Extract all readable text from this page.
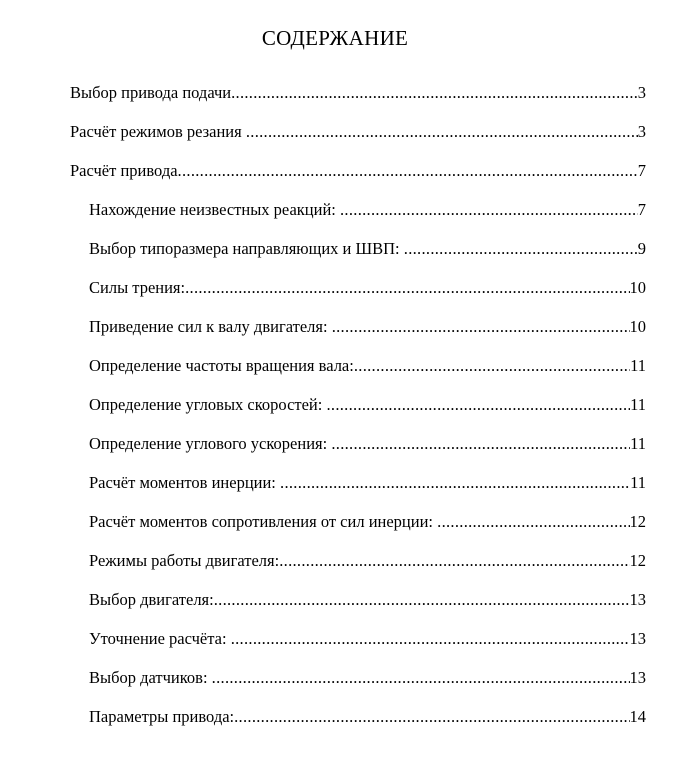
СОДЕРЖАНИЕ
Выбор привода подачи .....	3
Расчёт режимов резания .....	3
Расчёт привода .....	7
Нахождение неизвестных реакций: .....	7
Выбор типоразмера направляющих и ШВП: .....	9
Силы трения: .....	10
Приведение сил к валу двигателя: .....	10
Определение частоты вращения вала: .....	11
Определение угловых скоростей: .....	11
Определение углового ускорения: .....	11
Расчёт моментов инерции: .....	11
Расчёт моментов сопротивления от сил инерции: .....	12
Режимы работы двигателя: .....	12
Выбор двигателя: .....	13
Уточнение расчёта: .....	13
Выбор датчиков: .....	13
Параметры привода: .....	14
